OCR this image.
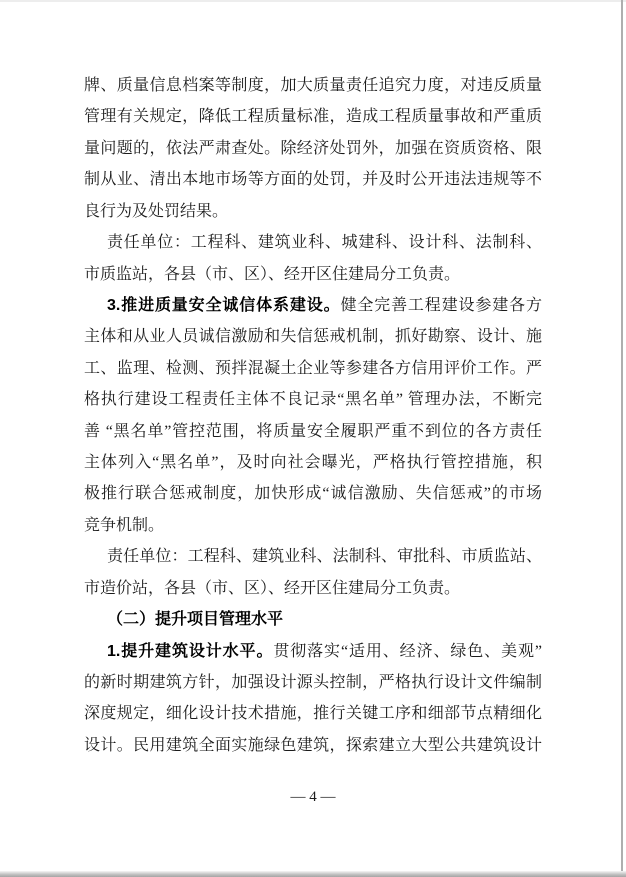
牌、质量信息档案等制度，加大质量责任追究力度，对违反质量
管理有关规定，降低工程质量标准，造成工程质量事故和严重质
量问题的，依法严肃查处。除经济处罚外，加强在资质资格、限
制从业、清出本地市场等方面的处罚，并及时公开违法违规等不
良行为及处罚结果。
责任单位：工程科、建筑业科、城建科、设计科、法制科、
市质监站，各县（市、区）、经开区住建局分工负责。
3.推进质量安全诚信体系建设。健全完善工程建设参建各方
主体和从业人员诚信激励和失信惩戒机制，抓好勘察、设计、施
工、监理、检测、预拌混凝土企业等参建各方信用评价工作。严
格执行建设工程责任主体不良记录“黑名单” 管理办法，不断完
善 “黑名单”管控范围，将质量安全履职严重不到位的各方责任
主体列入“黑名单”，及时向社会曝光，严格执行管控措施，积
极推行联合惩戒制度，加快形成“诚信激励、失信惩戒”的市场
竞争机制。
责任单位：工程科、建筑业科、法制科、审批科、市质监站、
市造价站，各县（市、区）、经开区住建局分工负责。
（二）提升项目管理水平
1.提升建筑设计水平。贯彻落实“适用、经济、绿色、美观”
的新时期建筑方针，加强设计源头控制，严格执行设计文件编制
深度规定，细化设计技术措施，推行关键工序和细部节点精细化
设计。民用建筑全面实施绿色建筑，探索建立大型公共建筑设计
— 4 —
